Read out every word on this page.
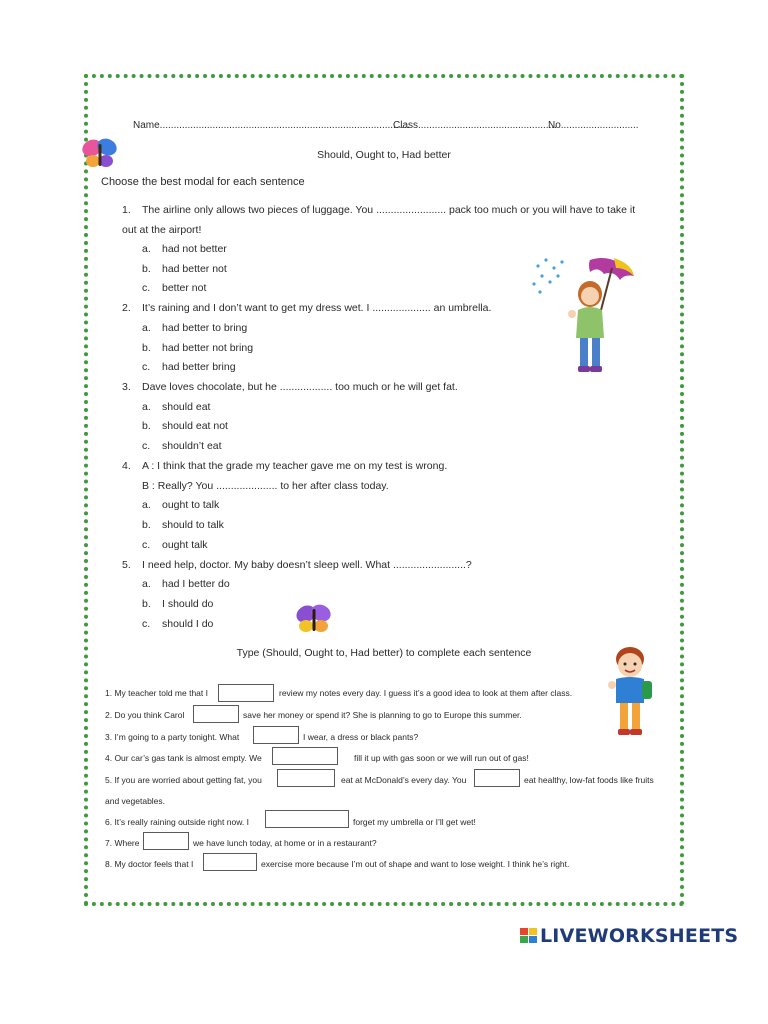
Name..........................................................................................
Class..................................................
No............................
Should, Ought to, Had better
Choose the best modal for each sentence
1. The airline only allows two pieces of luggage. You ........................ pack too much or you will have to take it
out at the airport!
a. had not better
b. had better not
c. better not
2. It’s raining and I don’t want to get my dress wet. I .................... an umbrella.
a. had better to bring
b. had better not bring
c. had better bring
3. Dave loves chocolate, but he .................. too much or he will get fat.
a. should eat
b. should eat not
c. shouldn’t eat
4. A : I think that the grade my teacher gave me on my test is wrong.
B : Really? You ..................... to her after class today.
a. ought to talk
b. should to talk
c. ought talk
5. I need help, doctor. My baby doesn’t sleep well. What .........................?
a. had I better do
b. I should do
c. should I do
Type (Should, Ought to, Had better) to complete each sentence
1. My teacher told me that I	review my notes every day. I guess it’s a good idea to look at them after class.
2. Do you think Carol	save her money or spend it? She is planning to go to Europe this summer.
3. I’m going to a party tonight. What	I wear, a dress or black pants?
4. Our car’s gas tank is almost empty. We	fill it up with gas soon or we will run out of gas!
5. If you are worried about getting fat, you	eat at McDonald’s every day. You	eat healthy, low-fat foods like fruits
and vegetables.
6. It’s really raining outside right now. I	forget my umbrella or I’ll get wet!
7. Where	we have lunch today, at home or in a restaurant?
8. My doctor feels that I	exercise more because I’m out of shape and want to lose weight. I think he’s right.
LIVEWORKSHEETS
